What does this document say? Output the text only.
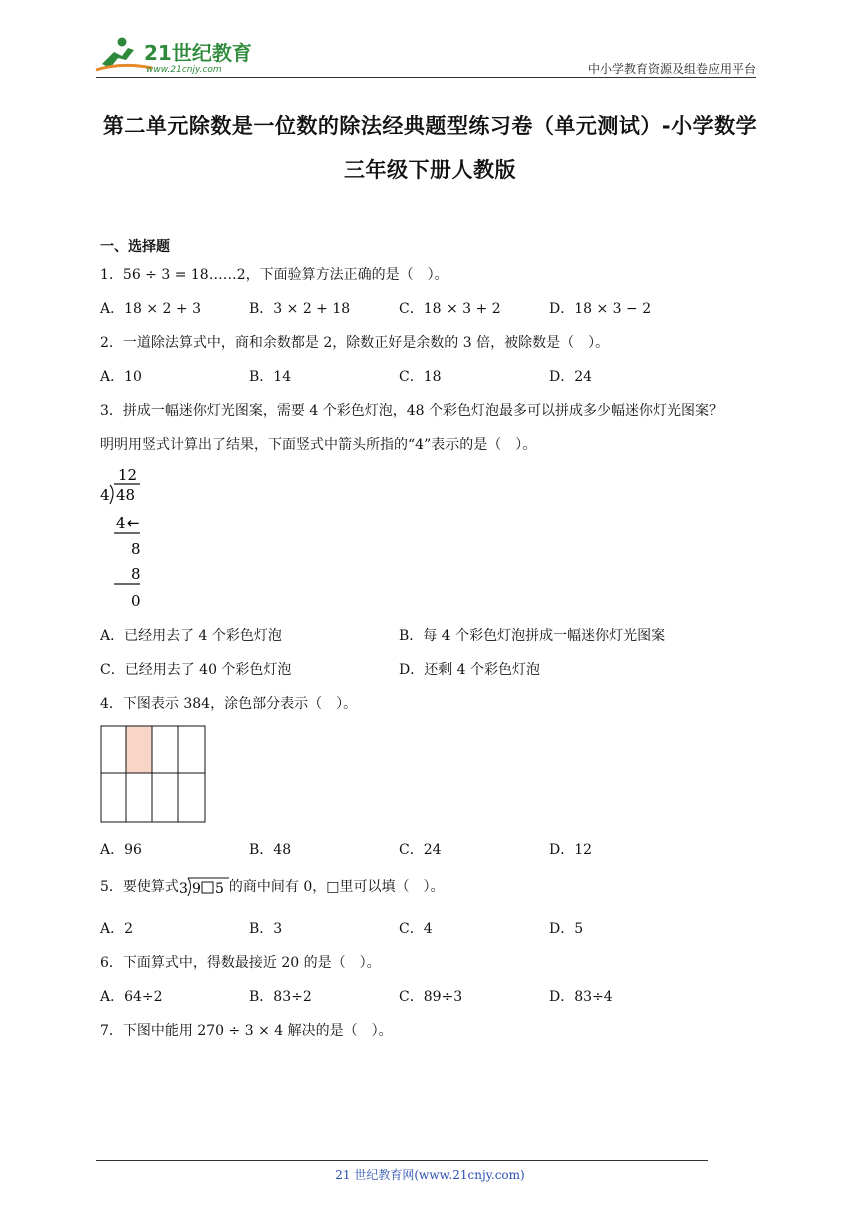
21世纪教育
www.21cnjy.com	中小学教育资源及组卷应用平台
第二单元除数是一位数的除法经典题型练习卷（单元测试）-小学数学
三年级下册人教版
一、选择题
1．56 ÷ 3 = 18……2，下面验算方法正确的是（　）。
A．18 × 2 + 3	B．3 × 2 + 18	C．18 × 3 + 2	D．18 × 3 − 2
2．一道除法算式中，商和余数都是 2，除数正好是余数的 3 倍，被除数是（　）。
A．10	B．14	C．18	D．24
3．拼成一幅迷你灯光图案，需要 4 个彩色灯泡，48 个彩色灯泡最多可以拼成多少幅迷你灯光图案？
明明用竖式计算出了结果，下面竖式中箭头所指的“4”表示的是（　）。
12
4 48
4 ←
8
8
0
A．已经用去了 4 个彩色灯泡	B．每 4 个彩色灯泡拼成一幅迷你灯光图案
C．已经用去了 40 个彩色灯泡	D．还剩 4 个彩色灯泡
4．下图表示 384，涂色部分表示（　）。
A．96	B．48	C．24	D．12
5．要使算式 3 9 5 的商中间有 0，□里可以填（　）。
A．2	B．3	C．4	D．5
6．下面算式中，得数最接近 20 的是（　）。
A．64÷2	B．83÷2	C．89÷3	D．83÷4
7．下图中能用 270 ÷ 3 × 4 解决的是（　）。
21 世纪教育网(www.21cnjy.com)
